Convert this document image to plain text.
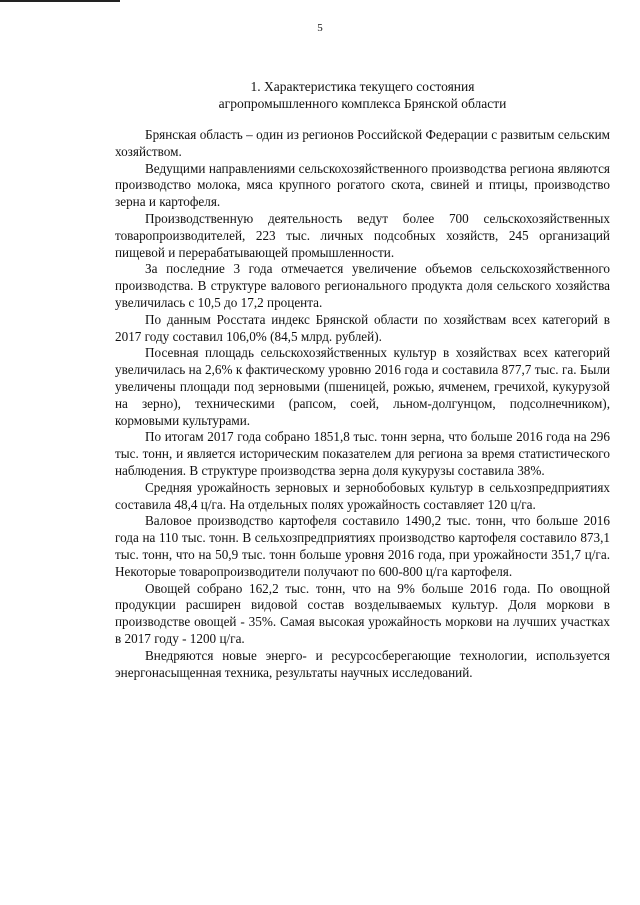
5
1. Характеристика текущего состояния
агропромышленного комплекса Брянской области

Брянская область – один из регионов Российской Федерации с развитым сельским хозяйством.

Ведущими направлениями сельскохозяйственного производства региона являются производство молока, мяса крупного рогатого скота, свиней и птицы, производство зерна и картофеля.

Производственную деятельность ведут более 700 сельскохозяйственных товаропроизводителей, 223 тыс. личных подсобных хозяйств, 245 организаций пищевой и перерабатывающей промышленности.

За последние 3 года отмечается увеличение объемов сельскохозяйственного производства. В структуре валового регионального продукта доля сельского хозяйства увеличилась с 10,5 до 17,2 процента.

По данным Росстата индекс Брянской области по хозяйствам всех категорий в 2017 году составил 106,0% (84,5 млрд. рублей).

Посевная площадь сельскохозяйственных культур в хозяйствах всех категорий увеличилась на 2,6% к фактическому уровню 2016 года и составила 877,7 тыс. га. Были увеличены площади под зерновыми (пшеницей, рожью, ячменем, гречихой, кукурузой на зерно), техническими (рапсом, соей, льном-долгунцом, подсолнечником), кормовыми культурами.

По итогам 2017 года собрано 1851,8 тыс. тонн зерна, что больше 2016 года на 296 тыс. тонн, и является историческим показателем для региона за время статистического наблюдения. В структуре производства зерна доля кукурузы составила 38%.

Средняя урожайность зерновых и зернобобовых культур в сельхозпредприятиях составила 48,4 ц/га. На отдельных полях урожайность составляет 120 ц/га.

Валовое производство картофеля составило 1490,2 тыс. тонн, что больше 2016 года на 110 тыс. тонн. В сельхозпредприятиях производство картофеля составило 873,1 тыс. тонн, что на 50,9 тыс. тонн больше уровня 2016 года, при урожайности 351,7 ц/га. Некоторые товаропроизводители получают по 600-800 ц/га картофеля.

Овощей собрано 162,2 тыс. тонн, что на 9% больше 2016 года. По овощной продукции расширен видовой состав возделываемых культур. Доля моркови в производстве овощей - 35%. Самая высокая урожайность моркови на лучших участках в 2017 году - 1200 ц/га.

Внедряются новые энерго- и ресурсосберегающие технологии, используется энергонасыщенная техника, результаты научных исследований.
